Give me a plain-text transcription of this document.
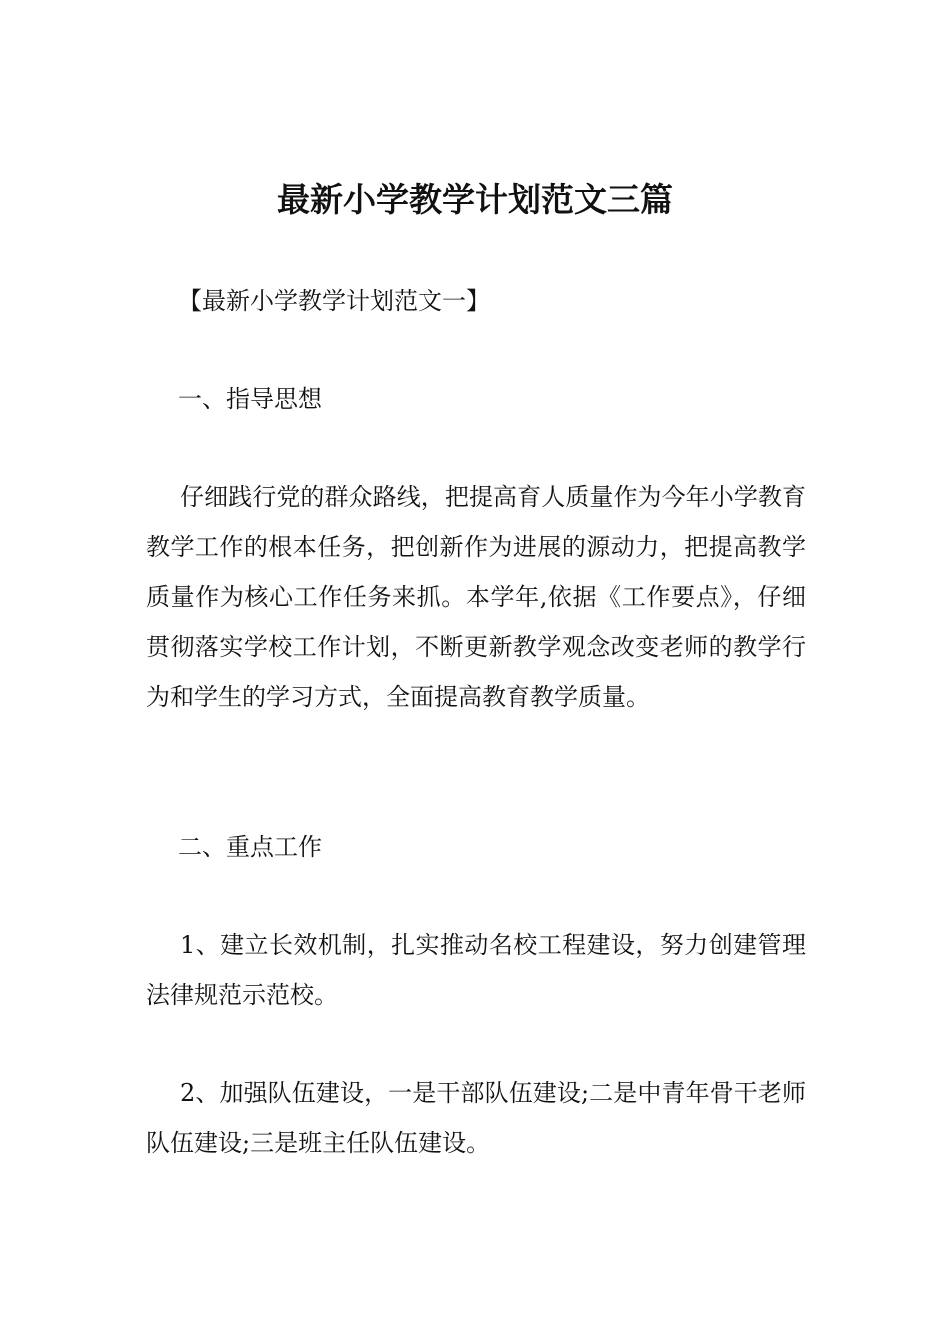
最新小学教学计划范文三篇

【最新小学教学计划范文一】

一、指导思想

仔细践行党的群众路线，把提高育人质量作为今年小学教育教学工作的根本任务，把创新作为进展的源动力，把提高教学质量作为核心工作任务来抓。本学年,依据《工作要点》，仔细贯彻落实学校工作计划，不断更新教学观念改变老师的教学行为和学生的学习方式，全面提高教育教学质量。

二、重点工作

1、建立长效机制，扎实推动名校工程建设，努力创建管理法律规范示范校。

2、加强队伍建设，一是干部队伍建设;二是中青年骨干老师队伍建设;三是班主任队伍建设。
